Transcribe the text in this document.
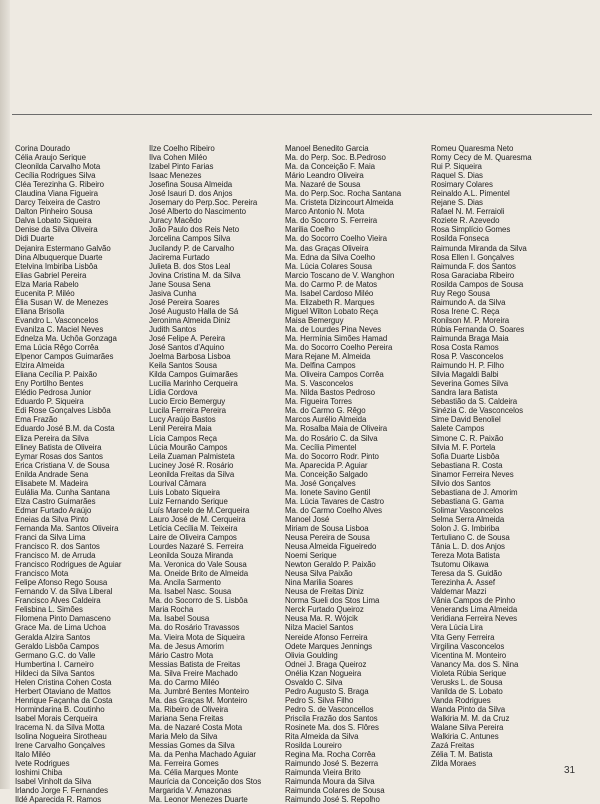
Corina Dourado
Célia Araujo Serique
Cleonilda Carvalho Mota
Cecília Rodrigues Silva
Cléa Terezinha G. Ribeiro
Claudina Viana Figueira
Darcy Teixeira de Castro
Dalton Pinheiro Sousa
Dalva Lobato Siqueira
Denise da Silva Oliveira
Didi Duarte
Dejanira Estermano Galvão
Dina Albuquerque Duarte
Etelvina Imbiriba Lisbôa
Elias Gabriel Pereira
Elza Maria Rabelo
Eucenita P. Miléo
Élia Susan W. de Menezes
Eliana Brisolla
Evandro L. Vasconcelos
Evanilza C. Maciel Neves
Ednelza Ma. Uchôa Gonzaga
Ema Lúcia Rêgo Corrêa
Elpenor Campos Guimarães
Elzira Almeida
Eliana Cecília P. Paixão
Eny Portilho Bentes
Elédio Pedrosa Junior
Eduardo P. Siqueira
Edi Rose Gonçalves Lisbôa
Ema Frazão
Eduardo José B.M. da Costa
Eliza Pereira da Silva
Eliney Batista de Oliveira
Eymar Rosas dos Santos
Erica Cristiana V. de Sousa
Enilda Andrade Sena
Elisabete M. Madeira
Eulália Ma. Cunha Santana
Elza Castro Guimarães
Edmar Furtado Araújo
Eneias da Silva Pinto
Fernanda Ma. Santos Oliveira
Franci da Silva Lima
Francisco R. dos Santos
Francisco M. de Arruda
Francisco Rodrigues de Aguiar
Francisco Mota
Felipe Afonso Rego Sousa
Fernando V. da Silva Liberal
Francisco Alves Caldeira
Felisbina L. Simões
Filomena Pinto Damasceno
Grace Ma. de Lima Uchoa
Geralda Alzira Santos
Geraldo Lisbôa Campos
Germano G.C. do Valle
Humbertina I. Carneiro
Hildeci da Silva Santos
Helen Cristina Cohen Costa
Herbert Otaviano de Mattos
Henrique Façanha da Costa
Hormindarina B. Coutinho
Isabel Morais Cerqueira
Iracema N. da Silva Motta
Isolina Nogueira Sirotheau
Irene Carvalho Gonçalves
Italo Miléo
Ivete Rodrigues
Ioshimi Chiba
Isabel Vinholt da Silva
Irlando Jorge F. Fernandes
Ildé Aparecida R. Ramos
Ilze Coelho Ribeiro
Ilva Cohen Miléo
Izabel Pinto Farias
Isaac Menezes
Josefina Sousa Almeida
José Isauri D. dos Anjos
Josemary do Perp.Soc. Pereira
José Alberto do Nascimento
Juracy Macêdo
João Paulo dos Reis Neto
Jorcelina Campos Silva
Jucilandy P. de Carvalho
Jacirema Furtado
Julieta B. dos Stos Leal
Jovina Cristina M. da Silva
Jane Sousa Sena
Jasiva Cunha
José Pereira Soares
José Augusto Halla de Sá
Jeronima Almeida Diniz
Judith Santos
José Felipe A. Pereira
José Santos d'Aquino
Joelma Barbosa Lisboa
Keila Santos Sousa
Kilda Campos Guimarães
Lucilia Marinho Cerqueira
Lídia Cordova
Lucio Ercio Bemerguy
Lucila Ferreira Pereira
Lucy Araújo Bastos
Lenil Pereira Maia
Lícia Campos Reça
Lúcia Mourão Campos
Leila Zuaman Palmisteta
Luciney José R. Rosário
Leonilda Freitas da Silva
Lourival Câmara
Luis Lobato Siqueira
Luiz Fernando Serique
Luís Marcelo de M.Cerqueira
Lauro José de M. Cerqueira
Letícia Cecília M. Teixeira
Laire de Oliveira Campos
Lourdes Nazaré S. Ferreira
Leonilda Souza Miranda
Ma. Veronica do Vale Sousa
Ma. Oneide Brito de Almeida
Ma. Ancila Sarmento
Ma. Isabel Nasc. Sousa
Ma. do Socorro de S. Lisbôa
Maria Rocha
Ma. Isabel Sousa
Ma. do Rosário Travassos
Ma. Vieira Mota de Siqueira
Ma. de Jesus Amorim
Mário Castro Mota
Messias Batista de Freitas
Ma. Silva Freire Machado
Ma. do Carmo Miléo
Ma. Jumbré Bentes Monteiro
Ma. das Graças M. Monteiro
Ma. Ribeiro de Oliveira
Mariana Sena Freitas
Ma. de Nazaré Costa Mota
Maria Melo da Silva
Messias Gomes da Silva
Ma. da Penha Machado Aguiar
Ma. Ferreira Gomes
Ma. Célia Marques Monte
Maurícia da Conceição dos Stos
Margarida V. Amazonas
Ma. Leonor Menezes Duarte
Manoel Benedito Garcia
Ma. do Perp. Soc. B.Pedroso
Ma. da Conceição F. Maia
Mário Leandro Oliveira
Ma. Nazaré de Sousa
Ma. do Perp.Soc. Rocha Santana
Ma. Cristeta Dizincourt Almeida
Marco Antonio N. Mota
Ma. do Socorro S. Ferreira
Marilia Coelho
Ma. do Socorro Coelho Vieira
Ma. das Graças Oliveira
Ma. Edna da Silva Coelho
Ma. Lúcia Colares Sousa
Marcio Toscano de V. Wanghon
Ma. do Carmo P. de Matos
Ma. Isabel Cardoso Miléo
Ma. Elizabeth R. Marques
Miguel Wilton Lobato Reça
Maisa Bemerguy
Ma. de Lourdes Pina Neves
Ma. Hermínia Simões Hamad
Ma. do Socorro Coelho Pereira
Mara Rejane M. Almeida
Ma. Delfina Campos
Ma. Oliveira Campos Corrêa
Ma. S. Vasconcelos
Ma. Nilda Bastos Pedroso
Ma. Figueira Torres
Ma. do Carmo G. Rêgo
Marcos Aurélio Almeida
Ma. Rosalba Maia de Oliveira
Ma. do Rosário C. da Silva
Ma. Cecília Pimentel
Ma. do Socorro Rodr. Pinto
Ma. Aparecida P. Aguiar
Ma. Conceição Salgado
Ma. José Gonçalves
Ma. Ionete Savino Gentil
Ma. Lúcia Tavares de Castro
Ma. do Carmo Coelho Alves
Manoel José
Miriam de Sousa Lisboa
Neusa Pereira de Sousa
Neusa Almeida Figueiredo
Noemi Serique
Newton Geraldo P. Paixão
Neusa Silva Paixão
Nina Marilia Soares
Neusa de Freitas Diniz
Norma Sueli dos Stos Lima
Nerck Furtado Queiroz
Neusa Ma. R. Wójcik
Nilza Maciel Santos
Nereide Afonso Ferreira
Odete Marques Jennings
Olivia Goulding
Odnei J. Braga Queiroz
Onélia Kzan Nogueira
Osvaldo C. Silva
Pedro Augusto S. Braga
Pedro S. Silva Filho
Pedro S. de Vasconcellos
Priscila Frazão dos Santos
Rosinete Ma. dos S. Flôres
Rita Almeida da Silva
Rosilda Loureiro
Regina Ma. Rocha Corrêa
Raimundo José S. Bezerra
Raimunda Vieira Brito
Raimunda Moura da Silva
Raimunda Colares de Sousa
Raimundo José S. Repolho
Romeu Quaresma Neto
Romy Cecy de M. Quaresma
Rui P. Siqueira
Raquel S. Dias
Rosimary Colares
Reinaldo A.L. Pimentel
Rejane S. Dias
Rafael N. M. Ferraioli
Roziete R. Azevedo
Rosa Simplício Gomes
Rosilda Fonseca
Raimunda Miranda da Silva
Rosa Ellen I. Gonçalves
Raimunda F. dos Santos
Rosa Garaciaba Ribeiro
Rosilda Campos de Sousa
Ruy Rego Sousa
Raimundo A. da Silva
Rosa Irene C. Reça
Ronilson M. P. Moreira
Rúbia Fernanda O. Soares
Raimunda Braga Maia
Rosa Costa Ramos
Rosa P. Vasconcelos
Raimundo H. P. Filho
Silvia Magaldi Balbi
Severina Gomes Silva
Sandra Iara Batista
Sebastião da S. Caldeira
Sinézia C. de Vasconcelos
Sime David Benoliel
Salete Campos
Simone C. R. Paixão
Silvia M. F. Portela
Sofia Duarte Lisbôa
Sebastiana R. Costa
Sinamor Ferreira Neves
Silvio dos Santos
Sebastiana de J. Amorim
Sebastiana G. Gama
Solimar Vasconcelos
Selma Serra Almeida
Solon J. G. Imbiriba
Tertuliano C. de Sousa
Tânia L. D. dos Anjos
Tereza Mota Batista
Tsutomu Oikawa
Teresa da S. Guidão
Terezinha A. Assef
Valdemar Mazzi
Vânia Campos de Pinho
Venerands Lima Almeida
Veridiana Ferreira Neves
Vera Lúcia Lira
Vita Geny Ferreira
Virgilina Vasconcelos
Vicentina M. Monteiro
Vanancy Ma. dos S. Nina
Violeta Rúbia Serique
Verusks L. de Sousa
Vanilda de S. Lobato
Vanda Rodrigues
Wanda Pinto da Silva
Walkiria M. M. da Cruz
Walane Silva Pereira
Walkiria C. Antunes
Zazá Freitas
Zélia T. M. Batista
Zilda Moraes
31
